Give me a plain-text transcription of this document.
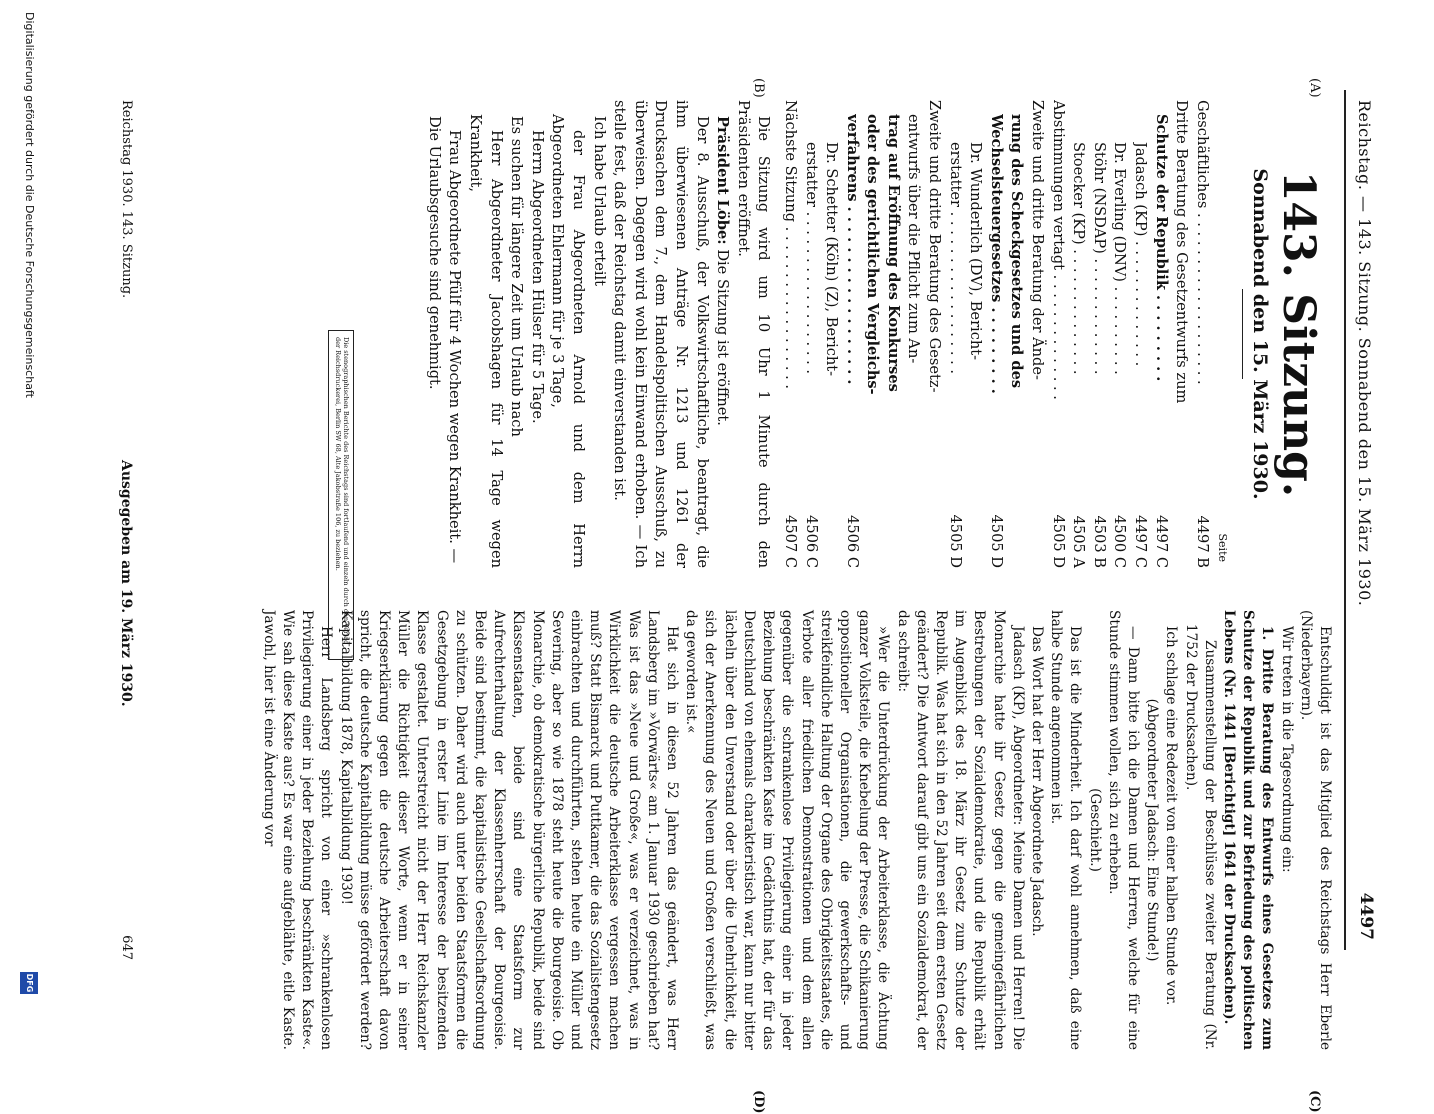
Reichstag. — 143. Sitzung. Sonnabend den 15. März 1930.
4497
(A)
(B)
(C)
(D)
143. Sitzung.
Sonnabend den 15. März 1930.
Seite
Geschäftliches . . . . . . . . . . . . . . . . . . .
4497 B
Dritte Beratung des Gesetzentwurfs zum
Schutze der Republik . . . . . . . . .
4497 C
Jadasch (KP) . . . . . . . . . . . . . .
4497 C
Dr. Everling (DNV) . . . . . . . . . .
4500 C
Stöhr (NSDAP) . . . . . . . . . . . . .
4503 B
Stoecker (KP) . . . . . . . . . . . . . .
4505 A
Abstimmungen vertagt . . . . . . . . . . . . . .
4505 D
Zweite und dritte Beratung der Ände-
rung des Scheckgesetzes und des
Wechselsteuergesetzes . . . . . . . . .
4505 D
Dr. Wunderlich (DV), Bericht-
erstatter . . . . . . . . . . . . . . . . . .
4505 D
Zweite und dritte Beratung des Gesetz-
entwurfs über die Pflicht zum An-
trag auf Eröffnung des Konkurses
oder des gerichtlichen Vergleichs-
verfahrens . . . . . . . . . . . . . . . . . .
4506 C
Dr. Schetter (Köln) (Z), Bericht-
erstatter . . . . . . . . . . . . . . . . . .
4506 C
Nächste Sitzung . . . . . . . . . . . . . . . . . .
4507 C

Die Sitzung wird um 10 Uhr 1 Minute durch den Präsidenten eröffnet.

Präsident Löbe: Die Sitzung ist eröffnet.

Der 8. Ausschuß, der Volkswirtschaftliche, beantragt, die ihm überwiesenen Anträge Nr. 1213 und 1261 der Drucksachen dem 7., dem Handelspolitischen Ausschuß, zu überweisen. Dagegen wird wohl kein Einwand erhoben. — Ich stelle fest, daß der Reichstag damit einverstanden ist.

Ich habe Urlaub erteilt

der Frau Abgeordneten Arnold und dem Herrn Abgeordneten Ehlermann für je 3 Tage,

Herrn Abgeordneten Hülser für 5 Tage.

Es suchen für längere Zeit um Urlaub nach

Herr Abgeordneter Jacobshagen für 14 Tage wegen Krankheit,

Frau Abgeordnete Pfülf für 4 Wochen wegen Krankheit. —

Die Urlaubsgesuche sind genehmigt.

Entschuldigt ist das Mitglied des Reichstags Herr Eberle (Niederbayern).

Wir treten in die Tagesordnung ein:

1. Dritte Beratung des Entwurfs eines Gesetzes zum Schutze der Republik und zur Befriedung des politischen Lebens (Nr. 1441 [Berichtigt] 1641 der Drucksachen).

Zusammenstellung der Beschlüsse zweiter Beratung (Nr. 1752 der Drucksachen).

Ich schlage eine Redezeit von einer halben Stunde vor.

(Abgeordneter Jadasch: Eine Stunde!)

— Dann bitte ich die Damen und Herren, welche für eine Stunde stimmen wollen, sich zu erheben.

(Geschieht.)

Das ist die Minderheit. Ich darf wohl annehmen, daß eine halbe Stunde angenommen ist.

Das Wort hat der Herr Abgeordnete Jadasch.

Jadasch (KP), Abgeordneter: Meine Damen und Herren! Die Monarchie hatte ihr Gesetz gegen die gemeingefährlichen Bestrebungen der Sozialdemokratie, und die Republik erhält im Augenblick des 18. März ihr Gesetz zum Schutze der Republik. Was hat sich in den 52 Jahren seit dem ersten Gesetz geändert? Die Antwort darauf gibt uns ein Sozialdemokrat, der da schreibt:

»Wer die Unterdrückung der Arbeiterklasse, die Ächtung ganzer Volksteile, die Knebelung der Presse, die Schikanierung oppositioneller Organisationen, die gewerkschafts- und streikfeindliche Haltung der Organe des Obrigkeitsstaates, die Verbote aller friedlichen Demonstrationen und dem allen gegenüber die schrankenlose Privilegierung einer in jeder Beziehung beschränkten Kaste im Gedächtnis hat, der für das Deutschland von ehemals charakteristisch war, kann nur bitter lächeln über den Unverstand oder über die Unehrlichkeit, die sich der Anerkennung des Neuen und Großen verschließt, was da geworden ist.«

Hat sich in diesen 52 Jahren das geändert, was Herr Landsberg im »Vorwärts« am 1. Januar 1930 geschrieben hat? Was ist das »Neue und Große«, was er verzeichnet, was in Wirklichkeit die deutsche Arbeiterklasse vergessen machen muß? Statt Bismarck und Puttkamer, die das Sozialistengesetz einbrachten und durchführten, stehen heute ein Müller und Severing, aber so wie 1878 steht heute die Bourgeoisie. Ob Monarchie, ob demokratische bürgerliche Republik, beide sind Klassenstaaten, beide sind eine Staatsform zur Aufrechterhaltung der Klassenherrschaft der Bourgeoisie. Beide sind bestimmt, die kapitalistische Gesellschaftsordnung zu schützen. Daher wird auch unter beiden Staatsformen die Gesetzgebung in erster Linie im Interesse der besitzenden Klasse gestaltet. Unterstreicht nicht der Herr Reichskanzler Müller die Richtigkeit dieser Worte, wenn er in seiner Kriegserklärung gegen die deutsche Arbeiterschaft davon spricht, die deutsche Kapitalbildung müsse gefördert werden? Kapitalbildung 1878, Kapitalbildung 1930!

Herr Landsberg spricht von einer »schrankenlosen Privilegierung einer in jeder Beziehung beschränkten Kaste«. Wie sah diese Kaste aus? Es war eine aufgeblähte, eitle Kaste. Jawohl, hier ist eine Änderung vor

Die stenographischen Berichte des Reichstags sind fortlaufend und einzeln durch den Verlag der Reichsdruckerei, Berlin SW 68, Alte Jakobstraße 106, zu beziehen.
Reichstag 1930. 143. Sitzung.
Ausgegeben am 19. März 1930.
647
Digitalisierung gefördert durch die Deutsche Forschungsgemeinschaft
DFG
